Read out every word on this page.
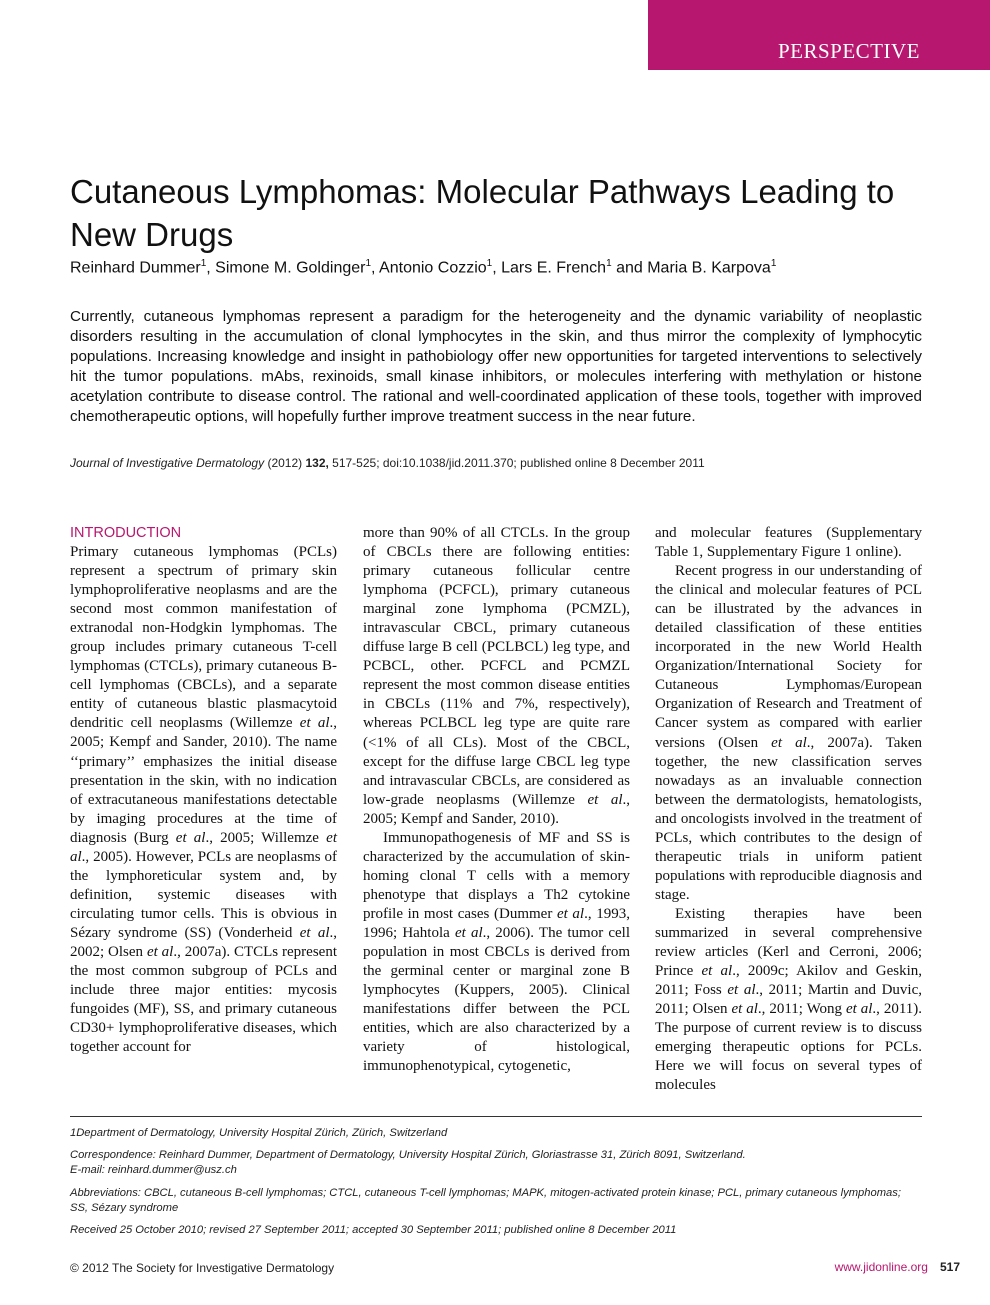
PERSPECTIVE
Cutaneous Lymphomas: Molecular Pathways Leading to New Drugs
Reinhard Dummer$^1$, Simone M. Goldinger$^1$, Antonio Cozzio$^1$, Lars E. French$^1$ and Maria B. Karpova$^1$

Currently, cutaneous lymphomas represent a paradigm for the heterogeneity and the dynamic variability of neoplastic disorders resulting in the accumulation of clonal lymphocytes in the skin, and thus mirror the complexity of lymphocytic populations. Increasing knowledge and insight in pathobiology offer new opportunities for targeted interventions to selectively hit the tumor populations. mAbs, rexinoids, small kinase inhibitors, or molecules interfering with methylation or histone acetylation contribute to disease control. The rational and well-coordinated application of these tools, together with improved chemotherapeutic options, will hopefully further improve treatment success in the near future.

Journal of Investigative Dermatology (2012) 132, 517-525; doi:10.1038/jid.2011.370; published online 8 December 2011
INTRODUCTION

Primary cutaneous lymphomas (PCLs) represent a spectrum of primary skin lymphoproliferative neoplasms and are the second most common manifestation of extranodal non-Hodgkin lymphomas. The group includes primary cutaneous T-cell lymphomas (CTCLs), primary cutaneous B-cell lymphomas (CBCLs), and a separate entity of cutaneous blastic plasmacytoid dendritic cell neoplasms (Willemze et al., 2005; Kempf and Sander, 2010). The name ‘‘primary’’ emphasizes the initial disease presentation in the skin, with no indication of extracutaneous manifestations detectable by imaging procedures at the time of diagnosis (Burg et al., 2005; Willemze et al., 2005). However, PCLs are neoplasms of the lymphoreticular system and, by definition, systemic diseases with circulating tumor cells. This is obvious in Sézary syndrome (SS) (Vonderheid et al., 2002; Olsen et al., 2007a). CTCLs represent the most common subgroup of PCLs and include three major entities: mycosis fungoides (MF), SS, and primary cutaneous CD30+ lymphoproliferative diseases, which together account for

more than 90% of all CTCLs. In the group of CBCLs there are following entities: primary cutaneous follicular centre lymphoma (PCFCL), primary cutaneous marginal zone lymphoma (PCMZL), intravascular CBCL, primary cutaneous diffuse large B cell (PCLBCL) leg type, and PCBCL, other. PCFCL and PCMZL represent the most common disease entities in CBCLs (11% and 7%, respectively), whereas PCLBCL leg type are quite rare (<1% of all CLs). Most of the CBCL, except for the diffuse large CBCL leg type and intravascular CBCLs, are considered as low-grade neoplasms (Willemze et al., 2005; Kempf and Sander, 2010).

Immunopathogenesis of MF and SS is characterized by the accumulation of skin-homing clonal T cells with a memory phenotype that displays a Th2 cytokine profile in most cases (Dummer et al., 1993, 1996; Hahtola et al., 2006). The tumor cell population in most CBCLs is derived from the germinal center or marginal zone B lymphocytes (Kuppers, 2005). Clinical manifestations differ between the PCL entities, which are also characterized by a variety of histological, immunophenotypical, cytogenetic,

and molecular features (Supplementary Table 1, Supplementary Figure 1 online).

Recent progress in our understanding of the clinical and molecular features of PCL can be illustrated by the advances in detailed classification of these entities incorporated in the new World Health Organization/International Society for Cutaneous Lymphomas/European Organization of Research and Treatment of Cancer system as compared with earlier versions (Olsen et al., 2007a). Taken together, the new classification serves nowadays as an invaluable connection between the dermatologists, hematologists, and oncologists involved in the treatment of PCLs, which contributes to the design of therapeutic trials in uniform patient populations with reproducible diagnosis and stage.

Existing therapies have been summarized in several comprehensive review articles (Kerl and Cerroni, 2006; Prince et al., 2009c; Akilov and Geskin, 2011; Foss et al., 2011; Martin and Duvic, 2011; Olsen et al., 2011; Wong et al., 2011). The purpose of current review is to discuss emerging therapeutic options for PCLs. Here we will focus on several types of molecules

1Department of Dermatology, University Hospital Zürich, Zürich, Switzerland

Correspondence: Reinhard Dummer, Department of Dermatology, University Hospital Zürich, Gloriastrasse 31, Zürich 8091, Switzerland.

E-mail: reinhard.dummer@usz.ch

Abbreviations: CBCL, cutaneous B-cell lymphomas; CTCL, cutaneous T-cell lymphomas; MAPK, mitogen-activated protein kinase; PCL, primary cutaneous lymphomas; SS, Sézary syndrome

Received 25 October 2010; revised 27 September 2011; accepted 30 September 2011; published online 8 December 2011

© 2012 The Society for Investigative Dermatology	www.jidonline.org 517
